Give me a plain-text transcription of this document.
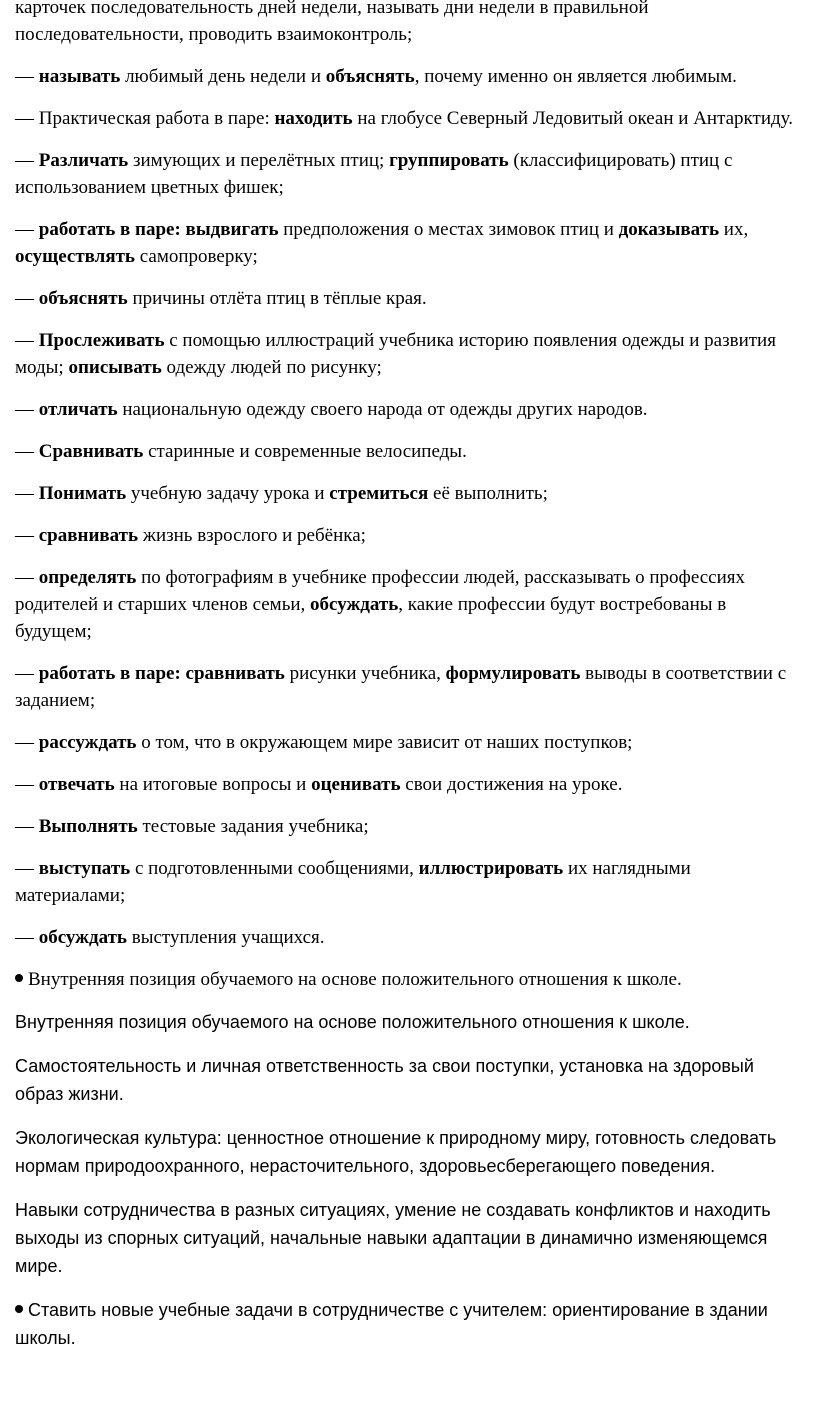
карточек последовательность дней недели, называть дни недели в правильной последовательности, проводить взаимоконтроль;

— называть любимый день недели и объяснять, почему именно он является любимым.

— Практическая работа в паре: находить на глобусе Северный Ледовитый океан и Антарктиду.

— Различать зимующих и перелётных птиц; группировать (классифицировать) птиц с использованием цветных фишек;

— работать в паре: выдвигать предположения о местах зимовок птиц и доказывать их, осуществлять самопроверку;

— объяснять причины отлёта птиц в тёплые края.

— Прослеживать с помощью иллюстраций учебника историю появления одежды и развития моды; описывать одежду людей по рисунку;

— отличать национальную одежду своего народа от одежды других народов.

— Сравнивать старинные и современные велосипеды.

— Понимать учебную задачу урока и стремиться её выполнить;

— сравнивать жизнь взрослого и ребёнка;

— определять по фотографиям в учебнике профессии людей, рассказывать о профессиях родителей и старших членов семьи, обсуждать, какие профессии будут востребованы в будущем;

— работать в паре: сравнивать рисунки учебника, формулировать выводы в соответствии с заданием;

— рассуждать о том, что в окружающем мире зависит от наших поступков;

— отвечать на итоговые вопросы и оценивать свои достижения на уроке.

— Выполнять тестовые задания учебника;

— выступать с подготовленными сообщениями, иллюстрировать их наглядными материалами;

— обсуждать выступления учащихся.

Внутренняя позиция обучаемого на основе положительного отношения к школе.

Внутренняя позиция обучаемого на основе положительного отношения к школе.

Самостоятельность и личная ответственность за свои поступки, установка на здоровый образ жизни.

Экологическая культура: ценностное отношение к природному миру, готовность следовать нормам природоохранного, нерасточительного, здоровьесберегающего поведения.

Навыки сотрудничества в разных ситуациях, умение не создавать конфликтов и находить выходы из спорных ситуаций, начальные навыки адаптации в динамично изменяющемся мире.

Ставить новые учебные задачи в сотрудничестве с учителем: ориентирование в здании школы.
